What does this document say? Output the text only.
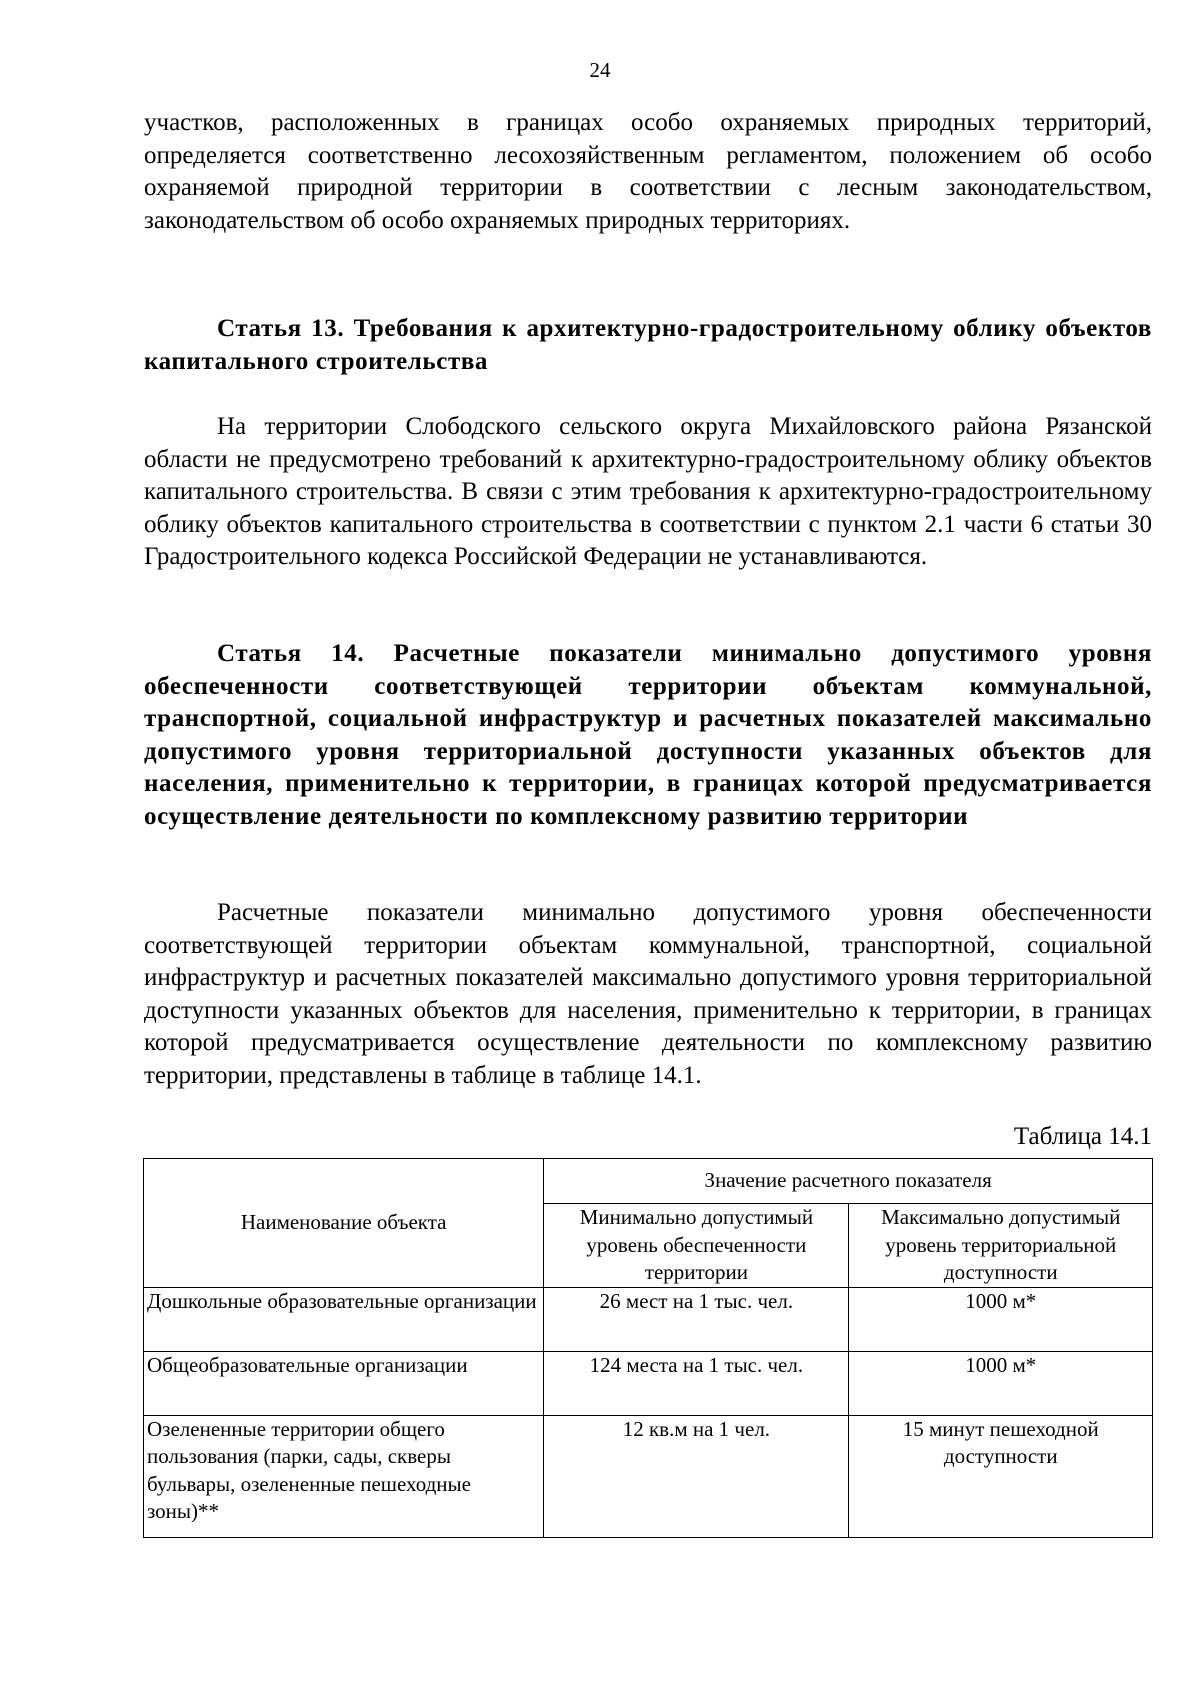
24
участков, расположенных в границах особо охраняемых природных территорий, определяется соответственно лесохозяйственным регламентом, положением об особо охраняемой природной территории в соответствии с лесным законодательством, законодательством об особо охраняемых природных территориях.
Статья 13. Требования к архитектурно-градостроительному облику объектов капитального строительства
На территории Слободского сельского округа Михайловского района Рязанской области не предусмотрено требований к архитектурно-градостроительному облику объектов капитального строительства. В связи с этим требования к архитектурно-градостроительному облику объектов капитального строительства в соответствии с пунктом 2.1 части 6 статьи 30 Градостроительного кодекса Российской Федерации не устанавливаются.
Статья 14. Расчетные показатели минимально допустимого уровня обеспеченности соответствующей территории объектам коммунальной, транспортной, социальной инфраструктур и расчетных показателей максимально допустимого уровня территориальной доступности указанных объектов для населения, применительно к территории, в границах которой предусматривается осуществление деятельности по комплексному развитию территории
Расчетные показатели минимально допустимого уровня обеспеченности соответствующей территории объектам коммунальной, транспортной, социальной инфраструктур и расчетных показателей максимально допустимого уровня территориальной доступности указанных объектов для населения, применительно к территории, в границах которой предусматривается осуществление деятельности по комплексному развитию территории, представлены в таблице в таблице 14.1.
Таблица 14.1
Наименование объекта	Значение расчетного показателя	
	Минимально допустимый уровень обеспеченности территории	Максимально допустимый уровень территориальной доступности
Дошкольные образовательные организации	26 мест на 1 тыс. чел.	1000 м*
Общеобразовательные организации	124 места на 1 тыс. чел.	1000 м*
Озелененные территории общего пользования (парки, сады, скверы бульвары, озелененные пешеходные зоны)**	12 кв.м на 1 чел.	15 минут пешеходной доступности
